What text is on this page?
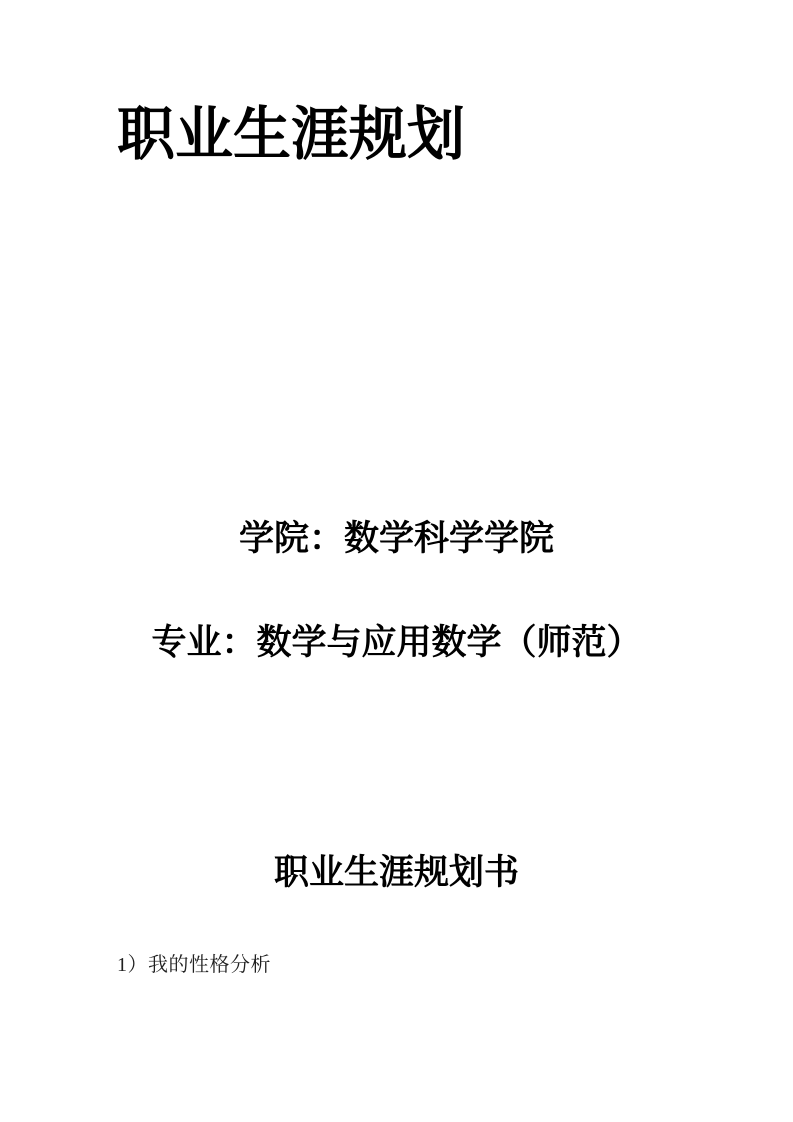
职业生涯规划
学院：数学科学学院
专业：数学与应用数学（师范）
职业生涯规划书
1）我的性格分析
